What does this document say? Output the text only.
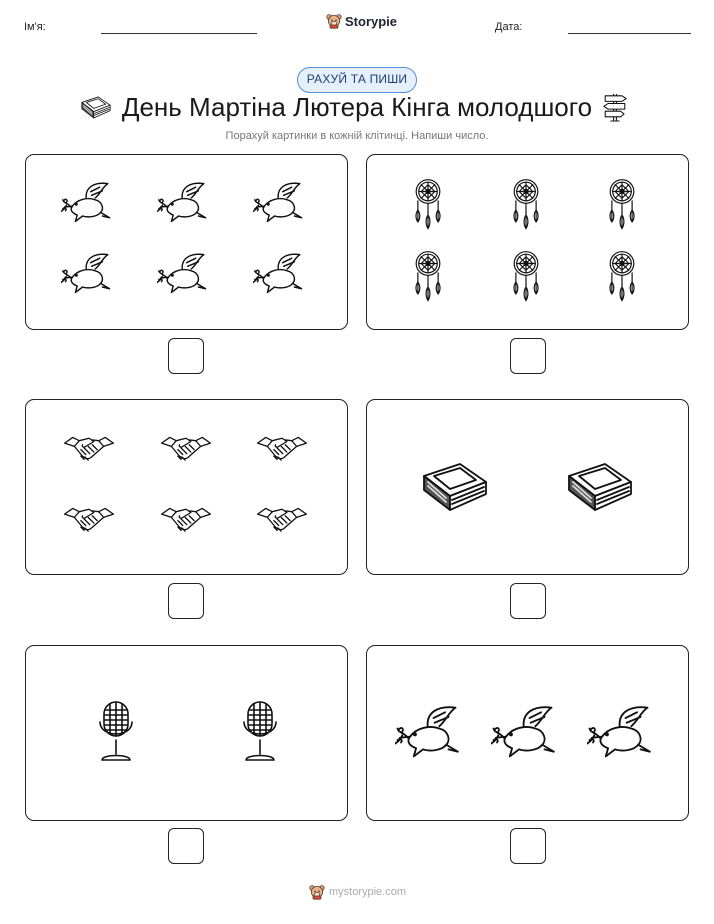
Ім'я:	Storypie	Дата:
РАХУЙ ТА ПИШИ
День Мартіна Лютера Кінга молодшого
Порахуй картинки в кожній клітинці. Напиши число.
mystorypie.com
